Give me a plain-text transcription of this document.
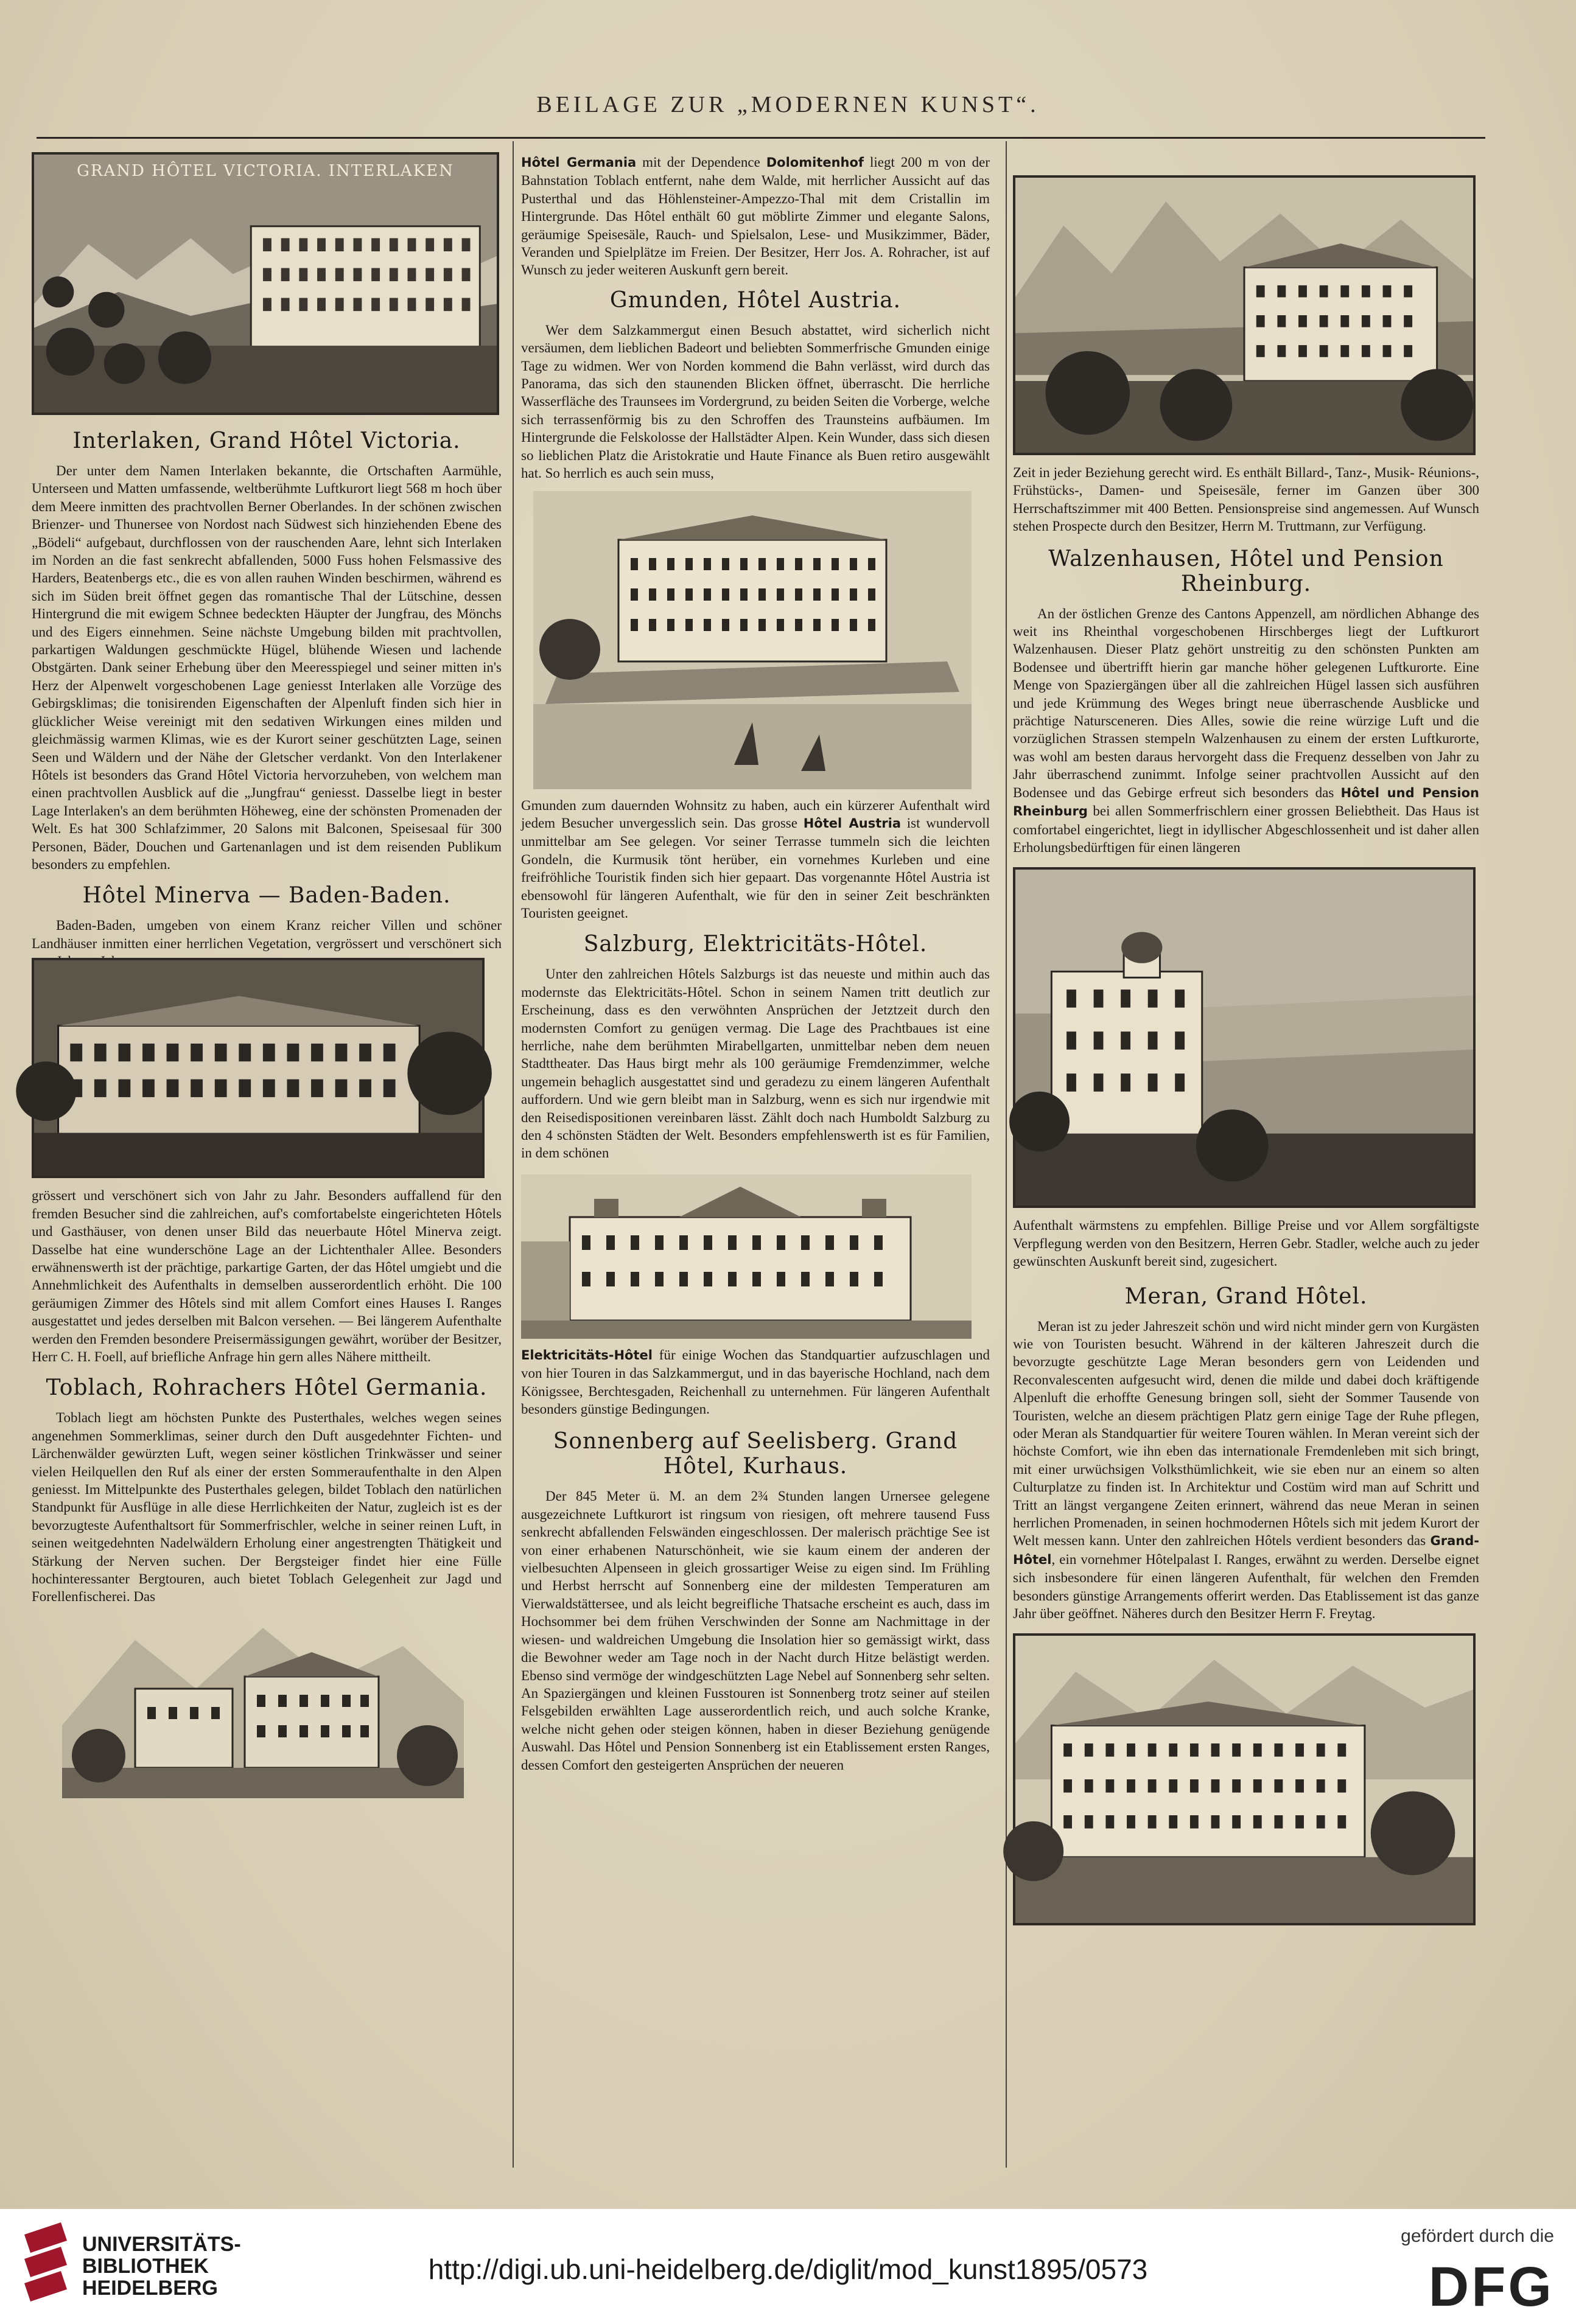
BEILAGE ZUR „MODERNEN KUNST“.
GRAND HÔTEL VICTORIA. INTERLAKEN
Interlaken, Grand Hôtel Victoria.

Der unter dem Namen Interlaken bekannte, die Ortschaften Aarmühle, Unterseen und Matten umfassende, weltberühmte Luftkurort liegt 568 m hoch über dem Meere inmitten des prachtvollen Berner Oberlandes. In der schönen zwischen Brienzer- und Thunersee von Nordost nach Südwest sich hinziehenden Ebene des „Bödeli“ aufgebaut, durchflossen von der rauschenden Aare, lehnt sich Interlaken im Norden an die fast senkrecht abfallenden, 5000 Fuss hohen Felsmassive des Harders, Beatenbergs etc., die es von allen rauhen Winden beschirmen, während es sich im Süden breit öffnet gegen das romantische Thal der Lütschine, dessen Hintergrund die mit ewigem Schnee bedeckten Häupter der Jungfrau, des Mönchs und des Eigers einnehmen. Seine nächste Umgebung bilden mit prachtvollen, parkartigen Waldungen geschmückte Hügel, blühende Wiesen und lachende Obstgärten. Dank seiner Erhebung über den Meeresspiegel und seiner mitten in's Herz der Alpenwelt vorgeschobenen Lage geniesst Interlaken alle Vorzüge des Gebirgsklimas; die tonisirenden Eigenschaften der Alpenluft finden sich hier in glücklicher Weise vereinigt mit den sedativen Wirkungen eines milden und gleichmässig warmen Klimas, wie es der Kurort seiner geschützten Lage, seinen Seen und Wäldern und der Nähe der Gletscher verdankt. Von den Interlakener Hôtels ist besonders das Grand Hôtel Victoria hervorzuheben, von welchem man einen prachtvollen Ausblick auf die „Jungfrau“ geniesst. Dasselbe liegt in bester Lage Interlaken's an dem berühmten Höheweg, eine der schönsten Promenaden der Welt. Es hat 300 Schlafzimmer, 20 Salons mit Balconen, Speisesaal für 300 Personen, Bäder, Douchen und Gartenanlagen und ist dem reisenden Publikum besonders zu empfehlen.

Hôtel Minerva — Baden-Baden.

Baden-Baden, umgeben von einem Kranz reicher Villen und schöner Landhäuser inmitten einer herrlichen Vegetation, vergrössert und verschönert sich

grössert und verschönert sich von Jahr zu Jahr. Besonders auffallend für den fremden Besucher sind die zahlreichen, auf's comfortabelste eingerichteten Hôtels und Gasthäuser, von denen unser Bild das neuerbaute Hôtel Minerva zeigt. Dasselbe hat eine wunderschöne Lage an der Lichtenthaler Allee. Besonders erwähnenswerth ist der prächtige, parkartige Garten, der das Hôtel umgiebt und die Annehmlichkeit des Aufenthalts in demselben ausserordentlich erhöht. Die 100 geräumigen Zimmer des Hôtels sind mit allem Comfort eines Hauses I. Ranges ausgestattet und jedes derselben mit Balcon versehen. — Bei längerem Aufenthalte werden den Fremden besondere Preisermässigungen gewährt, worüber der Besitzer, Herr C. H. Foell, auf briefliche Anfrage hin gern alles Nähere mittheilt.

Toblach, Rohrachers Hôtel Germania.

Toblach liegt am höchsten Punkte des Pusterthales, welches wegen seines angenehmen Sommerklimas, seiner durch den Duft ausgedehnter Fichten- und Lärchenwälder gewürzten Luft, wegen seiner köstlichen Trinkwässer und seiner vielen Heilquellen den Ruf als einer der ersten Sommeraufenthalte in den Alpen geniesst. Im Mittelpunkte des Pusterthales gelegen, bildet Toblach den natürlichen Standpunkt für Ausflüge in alle diese Herrlichkeiten der Natur, zugleich ist es der bevorzugteste Aufenthaltsort für Sommerfrischler, welche in seiner reinen Luft, in seinen weitgedehnten Nadelwäldern Erholung einer angestrengten Thätigkeit und Stärkung der Nerven suchen. Der Bergsteiger findet hier eine Fülle hochinteressanter Bergtouren, auch bietet Toblach Gelegenheit zur Jagd und Forellenfischerei. Das

Hôtel Germania mit der Dependence Dolomitenhof liegt 200 m von der Bahnstation Toblach entfernt, nahe dem Walde, mit herrlicher Aussicht auf das Pusterthal und das Höhlensteiner-Ampezzo-Thal mit dem Cristallin im Hintergrunde. Das Hôtel enthält 60 gut möblirte Zimmer und elegante Salons, geräumige Speisesäle, Rauch- und Spielsalon, Lese- und Musikzimmer, Bäder, Veranden und Spielplätze im Freien. Der Besitzer, Herr Jos. A. Rohracher, ist auf Wunsch zu jeder weiteren Auskunft gern bereit.

Gmunden, Hôtel Austria.

Wer dem Salzkammergut einen Besuch abstattet, wird sicherlich nicht versäumen, dem lieblichen Badeort und beliebten Sommerfrische Gmunden einige Tage zu widmen. Wer von Norden kommend die Bahn verlässt, wird durch das Panorama, das sich den staunenden Blicken öffnet, überrascht. Die herrliche Wasserfläche des Traunsees im Vordergrund, zu beiden Seiten die Vorberge, welche sich terrassenförmig bis zu den Schroffen des Traunsteins aufbäumen. Im Hintergrunde die Felskolosse der Hallstädter Alpen. Kein Wunder, dass sich diesen so lieblichen Platz die Aristokratie und Haute Finance als Buen retiro ausgewählt hat. So herrlich es auch sein muss,

Gmunden zum dauernden Wohnsitz zu haben, auch ein kürzerer Aufenthalt wird jedem Besucher unvergesslich sein. Das grosse Hôtel Austria ist wundervoll unmittelbar am See gelegen. Vor seiner Terrasse tummeln sich die leichten Gondeln, die Kurmusik tönt herüber, ein vornehmes Kurleben und eine freifröhliche Touristik finden sich hier gepaart. Das vorgenannte Hôtel Austria ist ebensowohl für längeren Aufenthalt, wie für den in seiner Zeit beschränkten Touristen geeignet.

Salzburg, Elektricitäts-Hôtel.

Unter den zahlreichen Hôtels Salzburgs ist das neueste und mithin auch das modernste das Elektricitäts-Hôtel. Schon in seinem Namen tritt deutlich zur Erscheinung, dass es den verwöhnten Ansprüchen der Jetztzeit durch den modernsten Comfort zu genügen vermag. Die Lage des Prachtbaues ist eine herrliche, nahe dem berühmten Mirabellgarten, unmittelbar neben dem neuen Stadttheater. Das Haus birgt mehr als 100 geräumige Fremdenzimmer, welche ungemein behaglich ausgestattet sind und geradezu zu einem längeren Aufenthalt auffordern. Und wie gern bleibt man in Salzburg, wenn es sich nur irgendwie mit den Reisedispositionen vereinbaren lässt. Zählt doch nach Humboldt Salzburg zu den 4 schönsten Städten der Welt. Besonders empfehlenswerth ist es für Familien, in dem schönen

Elektricitäts-Hôtel für einige Wochen das Standquartier aufzuschlagen und von hier Touren in das Salzkammergut, und in das bayerische Hochland, nach dem Königssee, Berchtesgaden, Reichenhall zu unternehmen. Für längeren Aufenthalt besonders günstige Bedingungen.

Sonnenberg auf Seelisberg. Grand Hôtel, Kurhaus.

Der 845 Meter ü. M. an dem 2¾ Stunden langen Urnersee gelegene ausgezeichnete Luftkurort ist ringsum von riesigen, oft mehrere tausend Fuss senkrecht abfallenden Felswänden eingeschlossen. Der malerisch prächtige See ist von einer erhabenen Naturschönheit, wie sie kaum einem der anderen der vielbesuchten Alpenseen in gleich grossartiger Weise zu eigen sind. Im Frühling und Herbst herrscht auf Sonnenberg eine der mildesten Temperaturen am Vierwaldstättersee, und als leicht begreifliche Thatsache erscheint es auch, dass im Hochsommer bei dem frühen Verschwinden der Sonne am Nachmittage in der wiesen- und waldreichen Umgebung die Insolation hier so gemässigt wirkt, dass die Bewohner weder am Tage noch in der Nacht durch Hitze belästigt werden. Ebenso sind vermöge der windgeschützten Lage Nebel auf Sonnenberg sehr selten. An Spaziergängen und kleinen Fusstouren ist Sonnenberg trotz seiner auf steilen Felsgebilden erwählten Lage ausserordentlich reich, und auch solche Kranke, welche nicht gehen oder steigen können, haben in dieser Beziehung genügende Auswahl. Das Hôtel und Pension Sonnenberg ist ein Etablissement ersten Ranges, dessen Comfort den gesteigerten Ansprüchen der neueren

Zeit in jeder Beziehung gerecht wird. Es enthält Billard-, Tanz-, Musik- Réunions-, Frühstücks-, Damen- und Speisesäle, ferner im Ganzen über 300 Herrschaftszimmer mit 400 Betten. Pensionspreise sind angemessen. Auf Wunsch stehen Prospecte durch den Besitzer, Herrn M. Truttmann, zur Verfügung.

Walzenhausen, Hôtel und Pension Rheinburg.

An der östlichen Grenze des Cantons Appenzell, am nördlichen Abhange des weit ins Rheinthal vorgeschobenen Hirschberges liegt der Luftkurort Walzenhausen. Dieser Platz gehört unstreitig zu den schönsten Punkten am Bodensee und übertrifft hierin gar manche höher gelegenen Luftkurorte. Eine Menge von Spaziergängen über all die zahlreichen Hügel lassen sich ausführen und jede Krümmung des Weges bringt neue überraschende Ausblicke und prächtige Natursceneren. Dies Alles, sowie die reine würzige Luft und die vorzüglichen Strassen stempeln Walzenhausen zu einem der ersten Luftkurorte, was wohl am besten daraus hervorgeht dass die Frequenz desselben von Jahr zu Jahr überraschend zunimmt. Infolge seiner prachtvollen Aussicht auf den Bodensee und das Gebirge erfreut sich besonders das Hôtel und Pension Rheinburg bei allen Sommerfrischlern einer grossen Beliebtheit. Das Haus ist comfortabel eingerichtet, liegt in idyllischer Abgeschlossenheit und ist daher allen Erholungsbedürftigen für einen längeren

Aufenthalt wärmstens zu empfehlen. Billige Preise und vor Allem sorgfältigste Verpflegung werden von den Besitzern, Herren Gebr. Stadler, welche auch zu jeder gewünschten Auskunft bereit sind, zugesichert.

Meran, Grand Hôtel.

Meran ist zu jeder Jahreszeit schön und wird nicht minder gern von Kurgästen wie von Touristen besucht. Während in der kälteren Jahreszeit durch die bevorzugte geschützte Lage Meran besonders gern von Leidenden und Reconvalescenten aufgesucht wird, denen die milde und dabei doch kräftigende Alpenluft die erhoffte Genesung bringen soll, sieht der Sommer Tausende von Touristen, welche an diesem prächtigen Platz gern einige Tage der Ruhe pflegen, oder Meran als Standquartier für weitere Touren wählen. In Meran vereint sich der höchste Comfort, wie ihn eben das internationale Fremdenleben mit sich bringt, mit einer urwüchsigen Volksthümlichkeit, wie sie eben nur an einem so alten Culturplatze zu finden ist. In Architektur und Costüm wird man auf Schritt und Tritt an längst vergangene Zeiten erinnert, während das neue Meran in seinen herrlichen Promenaden, in seinen hochmodernen Hôtels sich mit jedem Kurort der Welt messen kann. Unter den zahlreichen Hôtels verdient besonders das Grand-Hôtel, ein vornehmer Hôtelpalast I. Ranges, erwähnt zu werden. Derselbe eignet sich insbesondere für einen längeren Aufenthalt, für welchen den Fremden besonders günstige Arrangements offerirt werden. Das Etablissement ist das ganze Jahr über geöffnet. Näheres durch den Besitzer Herrn F. Freytag.

UNIVERSITÄTS-
BIBLIOTHEK
HEIDELBERG
http://digi.ub.uni-heidelberg.de/diglit/mod_kunst1895/0573
gefördert durch die
DFG
